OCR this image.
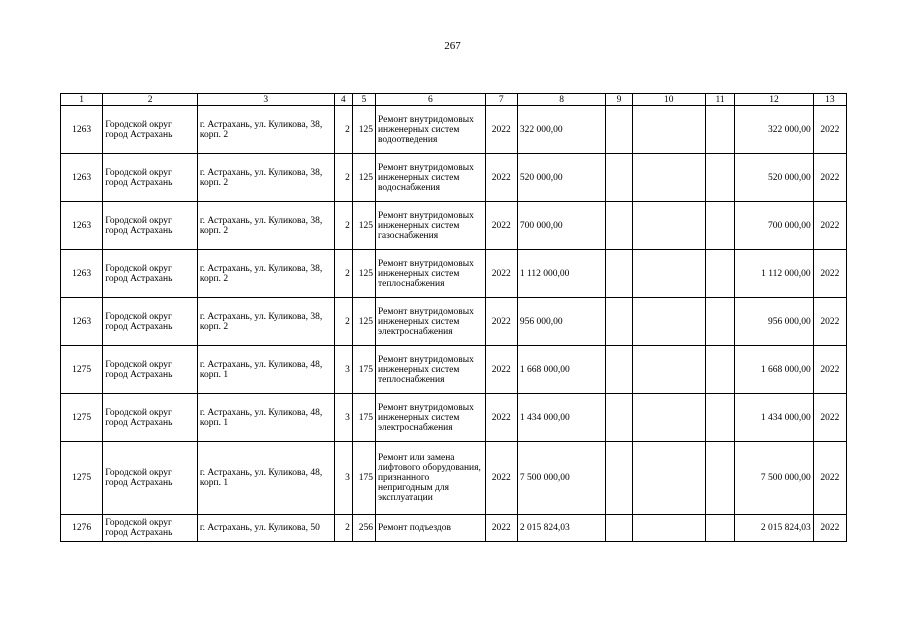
267
1	2	3	4	5	6	7	8	9	10	11	12	13
1263	Городской округ город Астрахань	г. Астрахань, ул. Куликова, 38, корп. 2	2	125	Ремонт внутридомовых инженерных систем водоотведения	2022	322 000,00				322 000,00	2022
1263	Городской округ город Астрахань	г. Астрахань, ул. Куликова, 38, корп. 2	2	125	Ремонт внутридомовых инженерных систем водоснабжения	2022	520 000,00				520 000,00	2022
1263	Городской округ город Астрахань	г. Астрахань, ул. Куликова, 38, корп. 2	2	125	Ремонт внутридомовых инженерных систем газоснабжения	2022	700 000,00				700 000,00	2022
1263	Городской округ город Астрахань	г. Астрахань, ул. Куликова, 38, корп. 2	2	125	Ремонт внутридомовых инженерных систем теплоснабжения	2022	1 112 000,00				1 112 000,00	2022
1263	Городской округ город Астрахань	г. Астрахань, ул. Куликова, 38, корп. 2	2	125	Ремонт внутридомовых инженерных систем электроснабжения	2022	956 000,00				956 000,00	2022
1275	Городской округ город Астрахань	г. Астрахань, ул. Куликова, 48, корп. 1	3	175	Ремонт внутридомовых инженерных систем теплоснабжения	2022	1 668 000,00				1 668 000,00	2022
1275	Городской округ город Астрахань	г. Астрахань, ул. Куликова, 48, корп. 1	3	175	Ремонт внутридомовых инженерных систем электроснабжения	2022	1 434 000,00				1 434 000,00	2022
1275	Городской округ город Астрахань	г. Астрахань, ул. Куликова, 48, корп. 1	3	175	Ремонт или замена лифтового оборудования, признанного непригодным для эксплуатации	2022	7 500 000,00				7 500 000,00	2022
1276	Городской округ город Астрахань	г. Астрахань, ул. Куликова, 50	2	256	Ремонт подъездов	2022	2 015 824,03				2 015 824,03	2022
